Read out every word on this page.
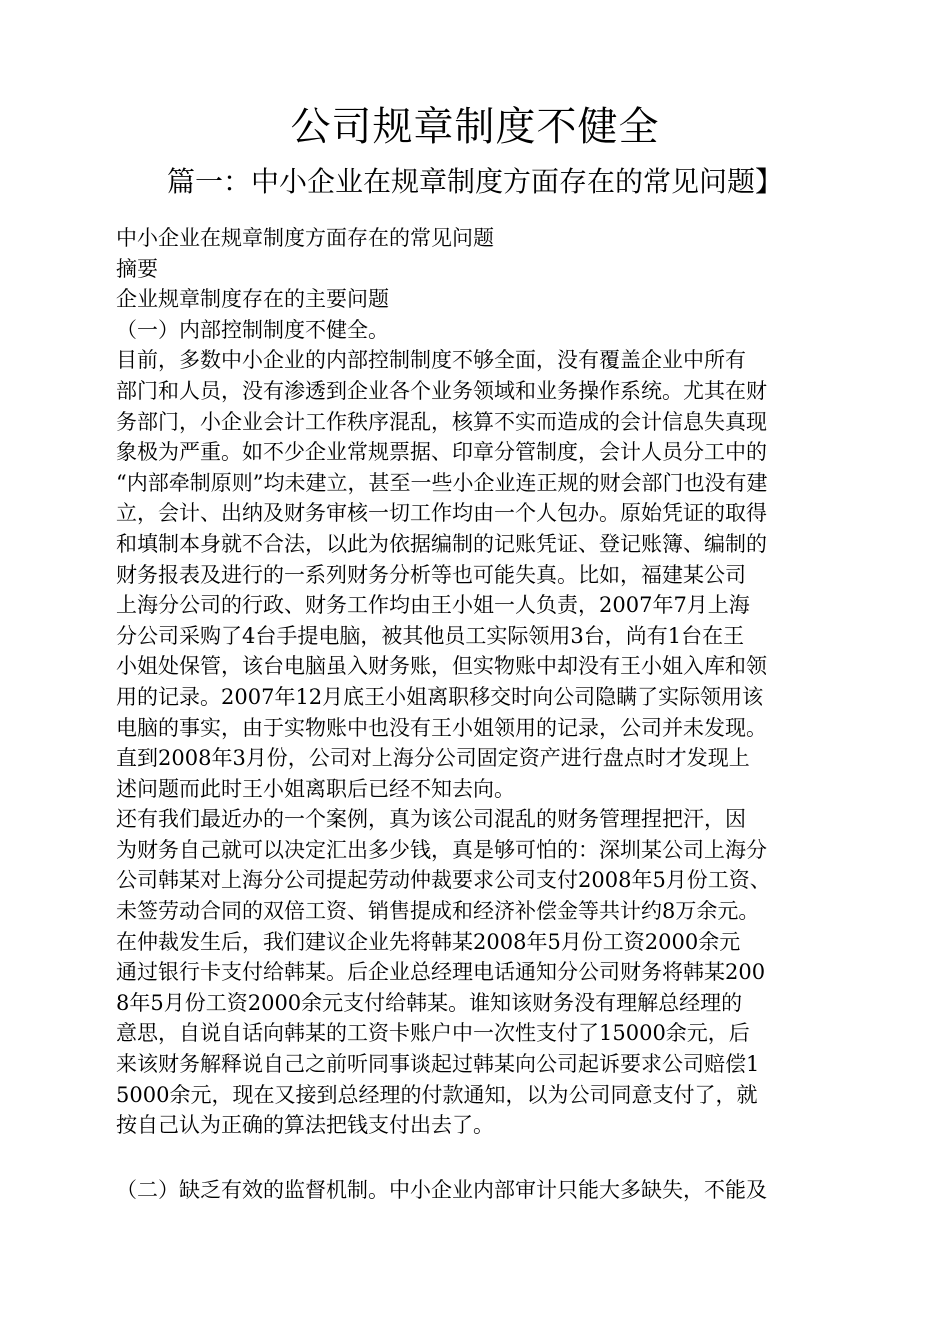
公司规章制度不健全
篇一：中小企业在规章制度方面存在的常见问题】
中小企业在规章制度方面存在的常见问题
摘要
企业规章制度存在的主要问题
（一）内部控制制度不健全。
目前，多数中小企业的内部控制制度不够全面，没有覆盖企业中所有
部门和人员，没有渗透到企业各个业务领域和业务操作系统。尤其在财
务部门，小企业会计工作秩序混乱，核算不实而造成的会计信息失真现
象极为严重。如不少企业常规票据、印章分管制度，会计人员分工中的
“内部牵制原则”均未建立，甚至一些小企业连正规的财会部门也没有建
立，会计、出纳及财务审核一切工作均由一个人包办。原始凭证的取得
和填制本身就不合法，以此为依据编制的记账凭证、登记账簿、编制的
财务报表及进行的一系列财务分析等也可能失真。比如，福建某公司
上海分公司的行政、财务工作均由王小姐一人负责，2007年7月上海
分公司采购了4台手提电脑，被其他员工实际领用3台，尚有1台在王
小姐处保管，该台电脑虽入财务账，但实物账中却没有王小姐入库和领
用的记录。2007年12月底王小姐离职移交时向公司隐瞒了实际领用该
电脑的事实，由于实物账中也没有王小姐领用的记录，公司并未发现。
直到2008年3月份，公司对上海分公司固定资产进行盘点时才发现上
述问题而此时王小姐离职后已经不知去向。
还有我们最近办的一个案例，真为该公司混乱的财务管理捏把汗，因
为财务自己就可以决定汇出多少钱，真是够可怕的：深圳某公司上海分
公司韩某对上海分公司提起劳动仲裁要求公司支付2008年5月份工资、
未签劳动合同的双倍工资、销售提成和经济补偿金等共计约8万余元。
在仲裁发生后，我们建议企业先将韩某2008年5月份工资2000余元
通过银行卡支付给韩某。后企业总经理电话通知分公司财务将韩某200
8年5月份工资2000余元支付给韩某。谁知该财务没有理解总经理的
意思，自说自话向韩某的工资卡账户中一次性支付了15000余元，后
来该财务解释说自己之前听同事谈起过韩某向公司起诉要求公司赔偿1
5000余元，现在又接到总经理的付款通知，以为公司同意支付了，就
按自己认为正确的算法把钱支付出去了。
（二）缺乏有效的监督机制。中小企业内部审计只能大多缺失，不能及
